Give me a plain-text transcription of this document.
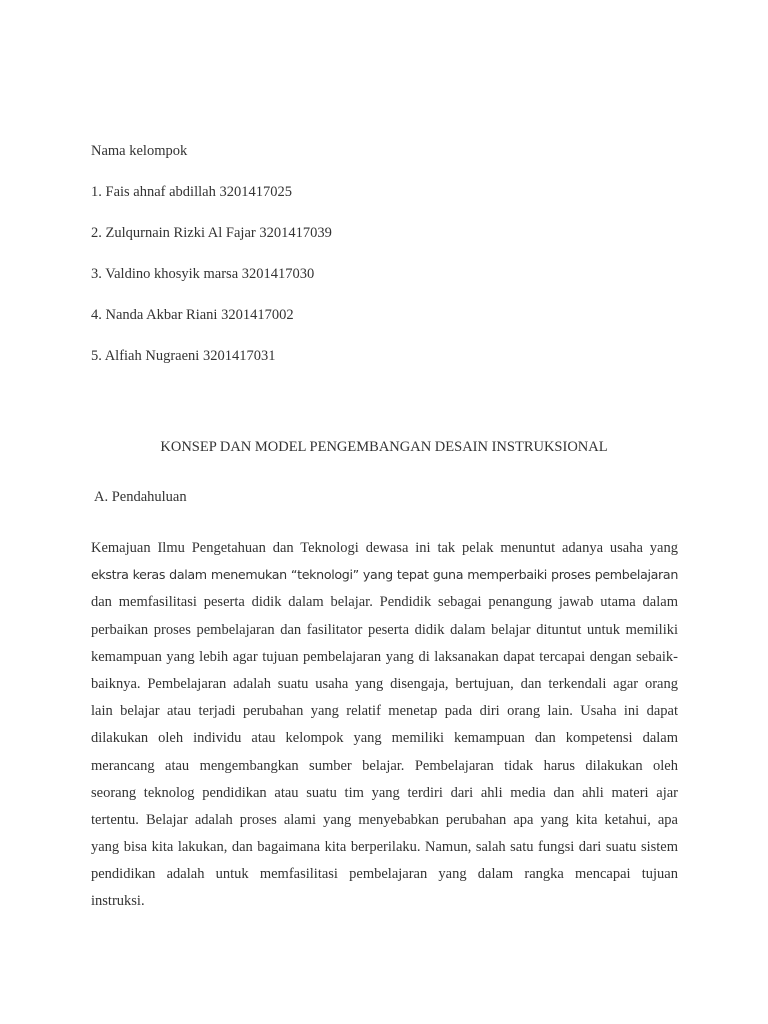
Nama kelompok

1. Fais ahnaf abdillah 3201417025

2. Zulqurnain Rizki Al Fajar 3201417039

3. Valdino khosyik marsa 3201417030

4. Nanda Akbar Riani 3201417002

5. Alfiah Nugraeni 3201417031

KONSEP DAN MODEL PENGEMBANGAN DESAIN INSTRUKSIONAL

A. Pendahuluan

Kemajuan Ilmu Pengetahuan dan Teknologi dewasa ini tak pelak menuntut adanya usaha yang
ekstra keras dalam menemukan “teknologi” yang tepat guna memperbaiki proses pembelajaran
dan memfasilitasi peserta didik dalam belajar. Pendidik sebagai penangung jawab utama dalam
perbaikan proses pembelajaran dan fasilitator peserta didik dalam belajar dituntut untuk memiliki
kemampuan yang lebih agar tujuan pembelajaran yang di laksanakan dapat tercapai dengan sebaik-
baiknya. Pembelajaran adalah suatu usaha yang disengaja, bertujuan, dan terkendali agar orang
lain belajar atau terjadi perubahan yang relatif menetap pada diri orang lain. Usaha ini dapat
dilakukan oleh individu atau kelompok yang memiliki kemampuan dan kompetensi dalam
merancang atau mengembangkan sumber belajar. Pembelajaran tidak harus dilakukan oleh
seorang teknolog pendidikan atau suatu tim yang terdiri dari ahli media dan ahli materi ajar
tertentu. Belajar adalah proses alami yang menyebabkan perubahan apa yang kita ketahui, apa
yang bisa kita lakukan, dan bagaimana kita berperilaku. Namun, salah satu fungsi dari suatu sistem
pendidikan adalah untuk memfasilitasi pembelajaran yang dalam rangka mencapai tujuan
instruksi.
